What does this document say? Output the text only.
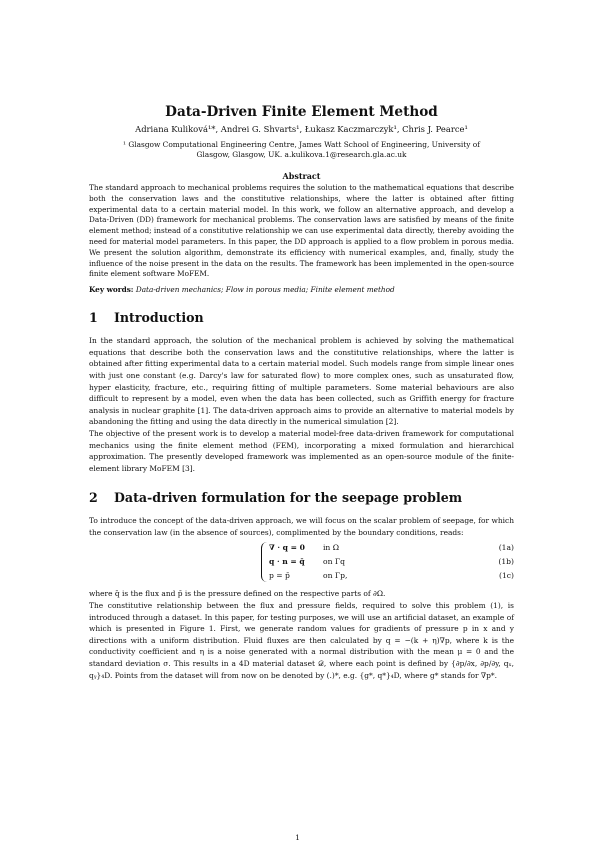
Data-Driven Finite Element Method
Adriana Kuliková¹*, Andrei G. Shvarts¹, Łukasz Kaczmarczyk¹, Chris J. Pearce¹
¹ Glasgow Computational Engineering Centre, James Watt School of Engineering, University of Glasgow, Glasgow, UK. a.kulikova.1@research.gla.ac.uk
Abstract
The standard approach to mechanical problems requires the solution to the mathematical equations that describe both the conservation laws and the constitutive relationships, where the latter is obtained after fitting experimental data to a certain material model. In this work, we follow an alternative approach, and develop a Data-Driven (DD) framework for mechanical problems. The conservation laws are satisfied by means of the finite element method; instead of a constitutive relationship we can use experimental data directly, thereby avoiding the need for material model parameters. In this paper, the DD approach is applied to a flow problem in porous media. We present the solution algorithm, demonstrate its efficiency with numerical examples, and, finally, study the influence of the noise present in the data on the results. The framework has been implemented in the open-source finite element software MoFEM.
Key words: Data-driven mechanics; Flow in porous media; Finite element method
1 Introduction

In the standard approach, the solution of the mechanical problem is achieved by solving the mathematical equations that describe both the conservation laws and the constitutive relationships, where the latter is obtained after fitting experimental data to a certain material model. Such models range from simple linear ones with just one constant (e.g. Darcy's law for saturated flow) to more complex ones, such as unsaturated flow, hyper elasticity, fracture, etc., requiring fitting of multiple parameters. Some material behaviours are also difficult to represent by a model, even when the data has been collected, such as Griffith energy for fracture analysis in nuclear graphite [1]. The data-driven approach aims to provide an alternative to material models by abandoning the fitting and using the data directly in the numerical simulation [2].

The objective of the present work is to develop a material model-free data-driven framework for computational mechanics using the finite element method (FEM), incorporating a mixed formulation and hierarchical approximation. The presently developed framework was implemented as an open-source module of the finite-element library MoFEM [3].

2 Data-driven formulation for the seepage problem

To introduce the concept of the data-driven approach, we will focus on the scalar problem of seepage, for which the conservation law (in the absence of sources), complimented by the boundary conditions, reads:

∇ · q = 0 in Ω	(1a)
q · n = q̄ on Γq	(1b)
p = p̄	on Γp,	(1c)

where q̄ is the flux and p̄ is the pressure defined on the respective parts of ∂Ω.

The constitutive relationship between the flux and pressure fields, required to solve this problem (1), is introduced through a dataset. In this paper, for testing purposes, we will use an artificial dataset, an example of which is presented in Figure 1. First, we generate random values for gradients of pressure p in x and y directions with a uniform distribution. Fluid fluxes are then calculated by q = −(k + η)∇p, where k is the conductivity coefficient and η is a noise generated with a normal distribution with the mean μ = 0 and the standard deviation σ. This results in a 4D material dataset 𝒟, where each point is defined by {∂p/∂x, ∂p/∂y, qₓ, qᵧ}₄D. Points from the dataset will from now on be denoted by (.)*, e.g. {g*, q*}₄D, where g* stands for ∇p*.

1
